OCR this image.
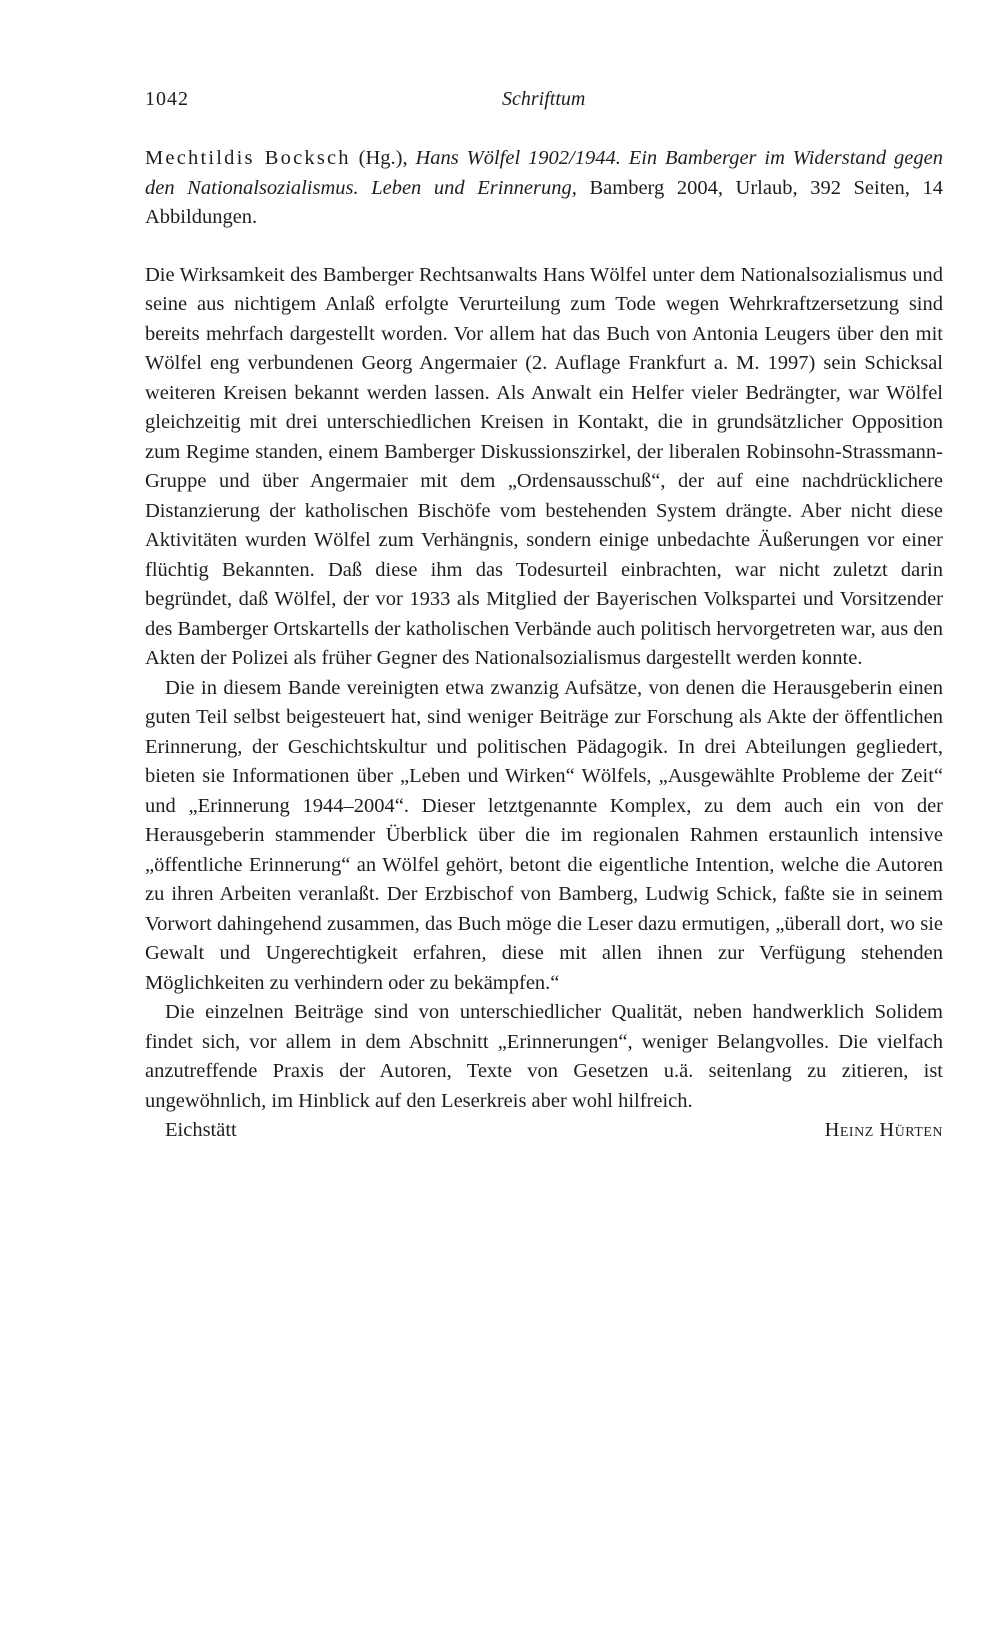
1042	Schrifttum
Mechtildis Bocksch (Hg.), Hans Wölfel 1902/1944. Ein Bamberger im Widerstand gegen den Nationalsozialismus. Leben und Erinnerung, Bamberg 2004, Urlaub, 392 Seiten, 14 Abbildungen.

Die Wirksamkeit des Bamberger Rechtsanwalts Hans Wölfel unter dem Nationalsozialismus und seine aus nichtigem Anlaß erfolgte Verurteilung zum Tode wegen Wehrkraftzersetzung sind bereits mehrfach dargestellt worden. Vor allem hat das Buch von Antonia Leugers über den mit Wölfel eng verbundenen Georg Angermaier (2. Auflage Frankfurt a. M. 1997) sein Schicksal weiteren Kreisen bekannt werden lassen. Als Anwalt ein Helfer vieler Bedrängter, war Wölfel gleichzeitig mit drei unterschiedlichen Kreisen in Kontakt, die in grundsätzlicher Opposition zum Regime standen, einem Bamberger Diskussionszirkel, der liberalen Robinsohn-Strassmann-Gruppe und über Angermaier mit dem „Ordensausschuß“, der auf eine nachdrücklichere Distanzierung der katholischen Bischöfe vom bestehenden System drängte. Aber nicht diese Aktivitäten wurden Wölfel zum Verhängnis, sondern einige unbedachte Äußerungen vor einer flüchtig Bekannten. Daß diese ihm das Todesurteil einbrachten, war nicht zuletzt darin begründet, daß Wölfel, der vor 1933 als Mitglied der Bayerischen Volkspartei und Vorsitzender des Bamberger Ortskartells der katholischen Verbände auch politisch hervorgetreten war, aus den Akten der Polizei als früher Gegner des Nationalsozialismus dargestellt werden konnte.

Die in diesem Bande vereinigten etwa zwanzig Aufsätze, von denen die Herausgeberin einen guten Teil selbst beigesteuert hat, sind weniger Beiträge zur Forschung als Akte der öffentlichen Erinnerung, der Geschichtskultur und politischen Pädagogik. In drei Abteilungen gegliedert, bieten sie Informationen über „Leben und Wirken“ Wölfels, „Ausgewählte Probleme der Zeit“ und „Erinnerung 1944–2004“. Dieser letztgenannte Komplex, zu dem auch ein von der Herausgeberin stammender Überblick über die im regionalen Rahmen erstaunlich intensive „öffentliche Erinnerung“ an Wölfel gehört, betont die eigentliche Intention, welche die Autoren zu ihren Arbeiten veranlaßt. Der Erzbischof von Bamberg, Ludwig Schick, faßte sie in seinem Vorwort dahingehend zusammen, das Buch möge die Leser dazu ermutigen, „überall dort, wo sie Gewalt und Ungerechtigkeit erfahren, diese mit allen ihnen zur Verfügung stehenden Möglichkeiten zu verhindern oder zu bekämpfen.“

Die einzelnen Beiträge sind von unterschiedlicher Qualität, neben handwerklich Solidem findet sich, vor allem in dem Abschnitt „Erinnerungen“, weniger Belangvolles. Die vielfach anzutreffende Praxis der Autoren, Texte von Gesetzen u.ä. seitenlang zu zitieren, ist ungewöhnlich, im Hinblick auf den Leserkreis aber wohl hilfreich.

Eichstätt	Heinz Hürten
